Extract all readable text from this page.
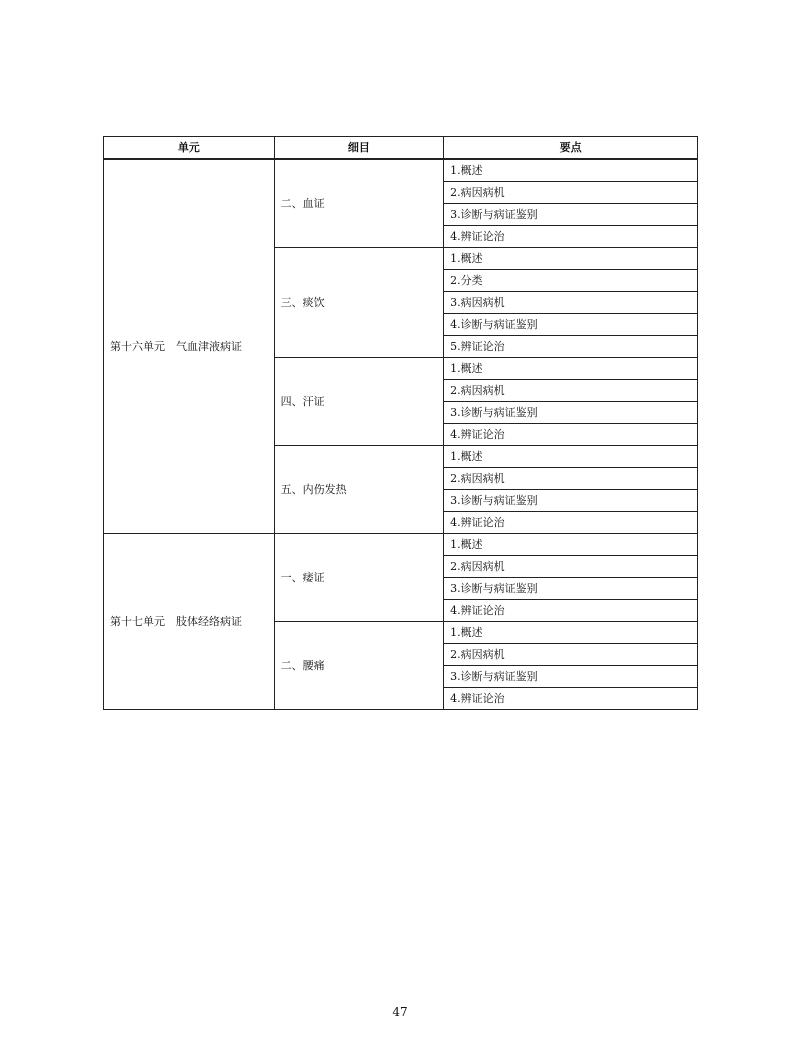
单元	细目	要点
第十六单元　气血津液病证	二、血证	1.概述
		2.病因病机
		3.诊断与病证鉴别
		4.辨证论治
	三、痰饮	1.概述
		2.分类
		3.病因病机
		4.诊断与病证鉴别
		5.辨证论治
	四、汗证	1.概述
		2.病因病机
		3.诊断与病证鉴别
		4.辨证论治
	五、内伤发热	1.概述
		2.病因病机
		3.诊断与病证鉴别
		4.辨证论治
第十七单元　肢体经络病证	一、痿证	1.概述
		2.病因病机
		3.诊断与病证鉴别
		4.辨证论治
	二、腰痛	1.概述
		2.病因病机
		3.诊断与病证鉴别
		4.辨证论治
47
